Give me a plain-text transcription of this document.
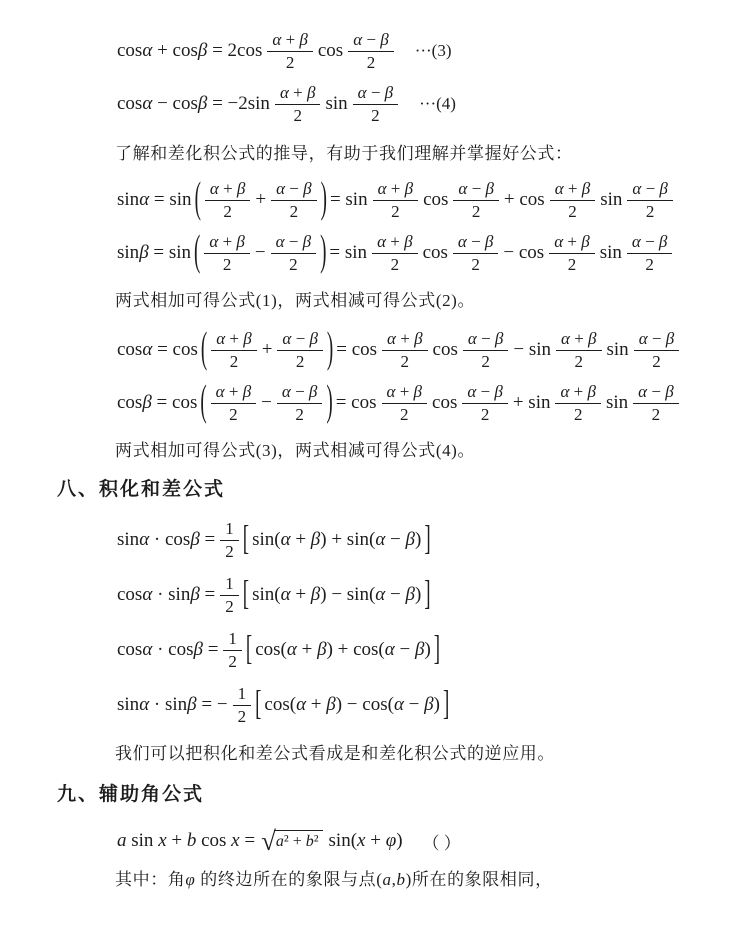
$\cos\alpha + \cos\beta = 2\cos \frac{\alpha + \beta}{2}$ $\cos \frac{\alpha - \beta}{2} \cdot\cdot\cdot(3)$
$\cos\alpha - \cos\beta = -2\sin \frac{\alpha + \beta}{2}$ $\sin \frac{\alpha - \beta}{2} \cdot\cdot\cdot(4)$
了解和差化积公式的推导，有助于我们理解并掌握好公式：
sinα = sin ( $\frac{\alpha + \beta}{2} + \frac{\alpha - \beta}{2}$ ) = $\sin \frac{\alpha + \beta}{2}$ $\cos \frac{\alpha - \beta}{2} + \cos \frac{\alpha + \beta}{2}$ $\sin \frac{\alpha - \beta}{2}$
sinβ = sin ( $\frac{\alpha + \beta}{2} - \frac{\alpha - \beta}{2}$ ) = $\sin \frac{\alpha + \beta}{2}$ $\cos \frac{\alpha - \beta}{2} - \cos \frac{\alpha + \beta}{2}$ $\sin \frac{\alpha - \beta}{2}$
两式相加可得公式(1)，两式相减可得公式(2)。
cosα = cos ( $\frac{\alpha + \beta}{2} + \frac{\alpha - \beta}{2}$ ) = $\cos \frac{\alpha + \beta}{2}$ $\cos \frac{\alpha - \beta}{2} - \sin \frac{\alpha + \beta}{2}$ $\sin \frac{\alpha - \beta}{2}$
cosβ = cos ( $\frac{\alpha + \beta}{2} - \frac{\alpha - \beta}{2}$ ) = $\cos \frac{\alpha + \beta}{2}$ $\cos \frac{\alpha - \beta}{2} + \sin \frac{\alpha + \beta}{2}$ $\sin \frac{\alpha - \beta}{2}$
两式相加可得公式(3)，两式相减可得公式(4)。
八、积化和差公式
$\sin\alpha \cdot \cos\beta = \frac{1}{2}$ [ sin(α + β) + sin(α − β) ]
$\cos\alpha \cdot \sin\beta = \frac{1}{2}$ [ sin(α + β) − sin(α − β) ]
$\cos\alpha \cdot \cos\beta = \frac{1}{2}$ [ cos(α + β) + cos(α − β) ]
sinα · sinβ = − $\frac{1}{2}$ [ cos(α + β) − cos(α − β) ]
我们可以把积化和差公式看成是和差化积公式的逆应用。
九、辅助角公式
a sin x + b cos x = √ a² + b² sin(x + φ) （ ）
其中：角φ 的终边所在的象限与点(a,b)所在的象限相同，
